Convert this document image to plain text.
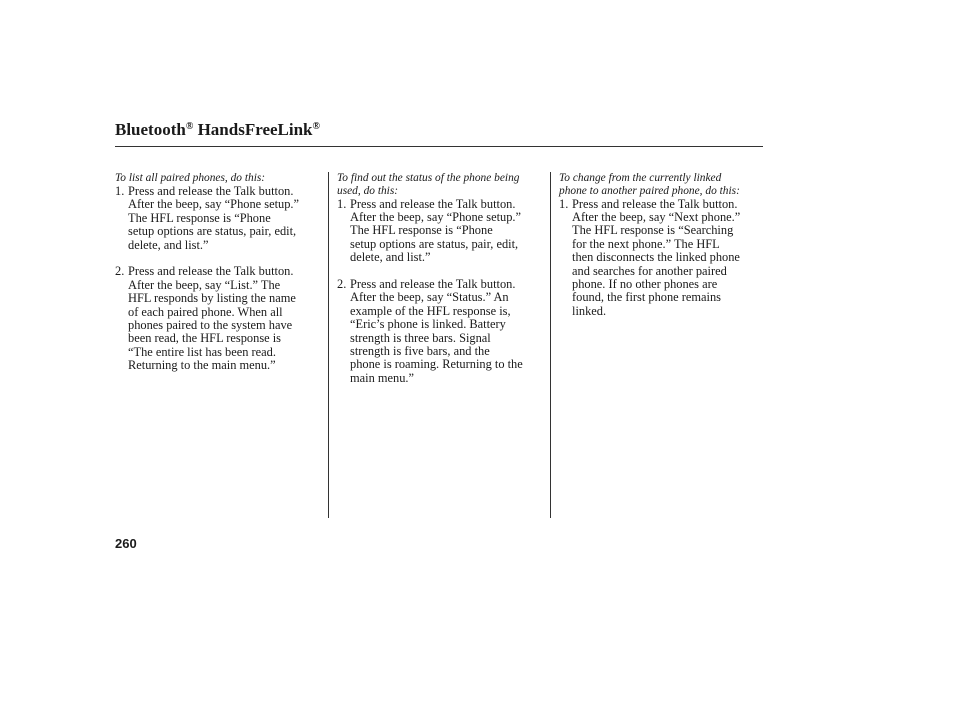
Bluetooth® HandsFreeLink®
To list all paired phones, do this:
1. Press and release the Talk button.
After the beep, say “Phone setup.”
The HFL response is “Phone
setup options are status, pair, edit,
delete, and list.”
2. Press and release the Talk button.
After the beep, say “List.” The
HFL responds by listing the name
of each paired phone. When all
phones paired to the system have
been read, the HFL response is
“The entire list has been read.
Returning to the main menu.”
To find out the status of the phone being
used, do this:
1. Press and release the Talk button.
After the beep, say “Phone setup.”
The HFL response is “Phone
setup options are status, pair, edit,
delete, and list.”
2. Press and release the Talk button.
After the beep, say “Status.” An
example of the HFL response is,
“Eric’s phone is linked. Battery
strength is three bars. Signal
strength is five bars, and the
phone is roaming. Returning to the
main menu.”
To change from the currently linked
phone to another paired phone, do this:
1. Press and release the Talk button.
After the beep, say “Next phone.”
The HFL response is “Searching
for the next phone.” The HFL
then disconnects the linked phone
and searches for another paired
phone. If no other phones are
found, the first phone remains
linked.
260
